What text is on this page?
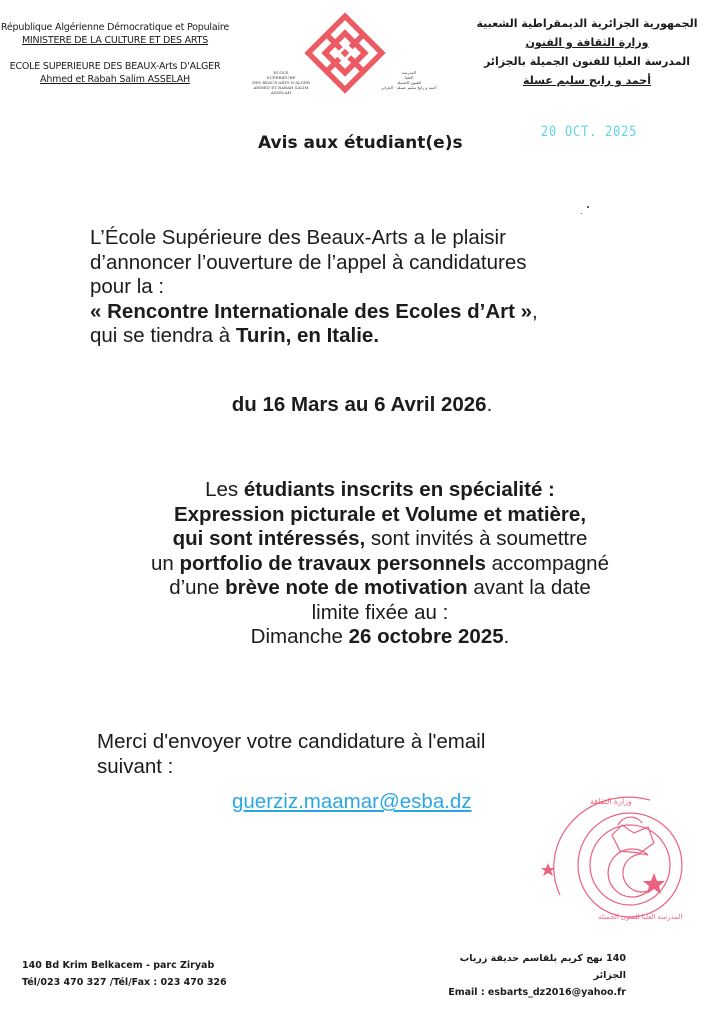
République Algérienne Démocratique et Populaire
MINISTERE DE LA CULTURE ET DES ARTS
ECOLE SUPERIEURE DES BEAUX-Arts D'ALGER
Ahmed et Rabah Salim ASSELAH
ECOLE
SUPERIEURE
DES BEAUX-ARTS D'ALGER
AHMED ET RABAH SALIM ASSELAH
المدرسة
العليا
للفنون الجميلة
أحمد و رابح سليم عسلة - الجزائر
الجمهورية الجزائرية الديمقراطية الشعبية
وزارة الثقافة و الفنون
المدرسة العليا للفنون الجميلة بالجزائر
أحمد و رابح سليم عسلة
Avis aux étudiant(e)s
20 OCT. 2025
L’École Supérieure des Beaux-Arts a le plaisir
d’annoncer l’ouverture de l’appel à candidatures
pour la :
« Rencontre Internationale des Ecoles d’Art »,
qui se tiendra à Turin, en Italie.
du 16 Mars au 6 Avril 2026.
Les étudiants inscrits en spécialité :
Expression picturale et Volume et matière,
qui sont intéressés, sont invités à soumettre
un portfolio de travaux personnels accompagné
d’une brève note de motivation avant la date
limite fixée au :
Dimanche 26 octobre 2025.
Merci d'envoyer votre candidature à l'email
suivant :
guerziz.maamar@esba.dz	وزارة الثقافة
المدرسة العليا للفنون الجميلة
140 Bd Krim Belkacem - parc Ziryab
Tél/023 470 327 /Tél/Fax : 023 470 326
140 نهج كريم بلقاسم حديقة زرياب الجزائر
Email : esbarts_dz2016@yahoo.fr
